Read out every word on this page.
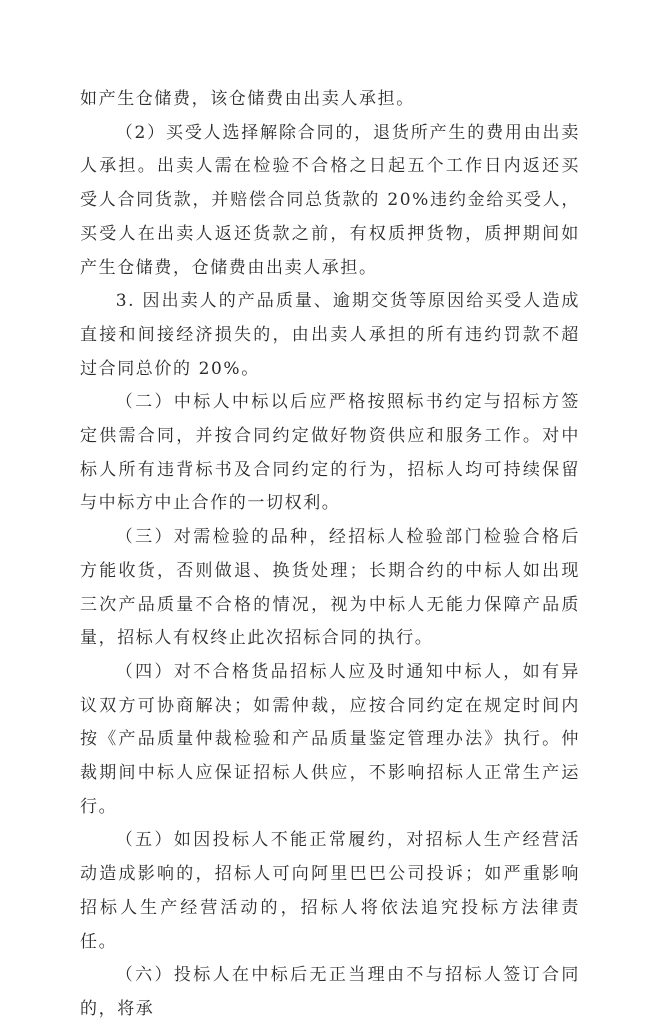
如产生仓储费，该仓储费由出卖人承担。

（2）买受人选择解除合同的，退货所产生的费用由出卖人承担。出卖人需在检验不合格之日起五个工作日内返还买受人合同货款，并赔偿合同总货款的 20%违约金给买受人，买受人在出卖人返还货款之前，有权质押货物，质押期间如产生仓储费，仓储费由出卖人承担。

3. 因出卖人的产品质量、逾期交货等原因给买受人造成直接和间接经济损失的，由出卖人承担的所有违约罚款不超过合同总价的 20%。

（二）中标人中标以后应严格按照标书约定与招标方签定供需合同，并按合同约定做好物资供应和服务工作。对中标人所有违背标书及合同约定的行为，招标人均可持续保留与中标方中止合作的一切权利。

（三）对需检验的品种，经招标人检验部门检验合格后方能收货，否则做退、换货处理；长期合约的中标人如出现三次产品质量不合格的情况，视为中标人无能力保障产品质量，招标人有权终止此次招标合同的执行。

（四）对不合格货品招标人应及时通知中标人，如有异议双方可协商解决；如需仲裁，应按合同约定在规定时间内按《产品质量仲裁检验和产品质量鉴定管理办法》执行。仲裁期间中标人应保证招标人供应，不影响招标人正常生产运行。

（五）如因投标人不能正常履约，对招标人生产经营活动造成影响的，招标人可向阿里巴巴公司投诉；如严重影响招标人生产经营活动的，招标人将依法追究投标方法律责任。

（六）投标人在中标后无正当理由不与招标人签订合同的，将承
